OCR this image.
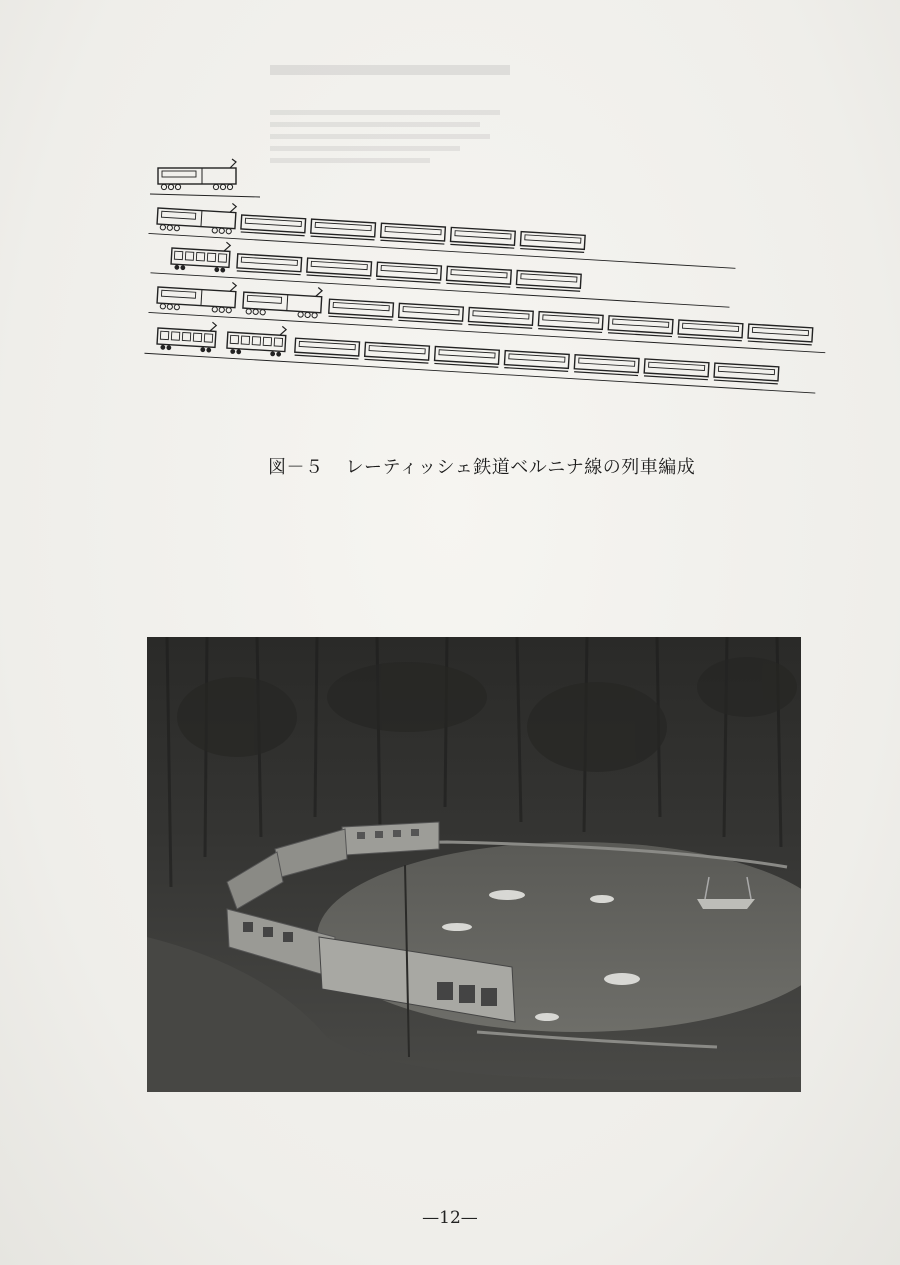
図－５ レーティッシェ鉄道ベルニナ線の列車編成
—12—
